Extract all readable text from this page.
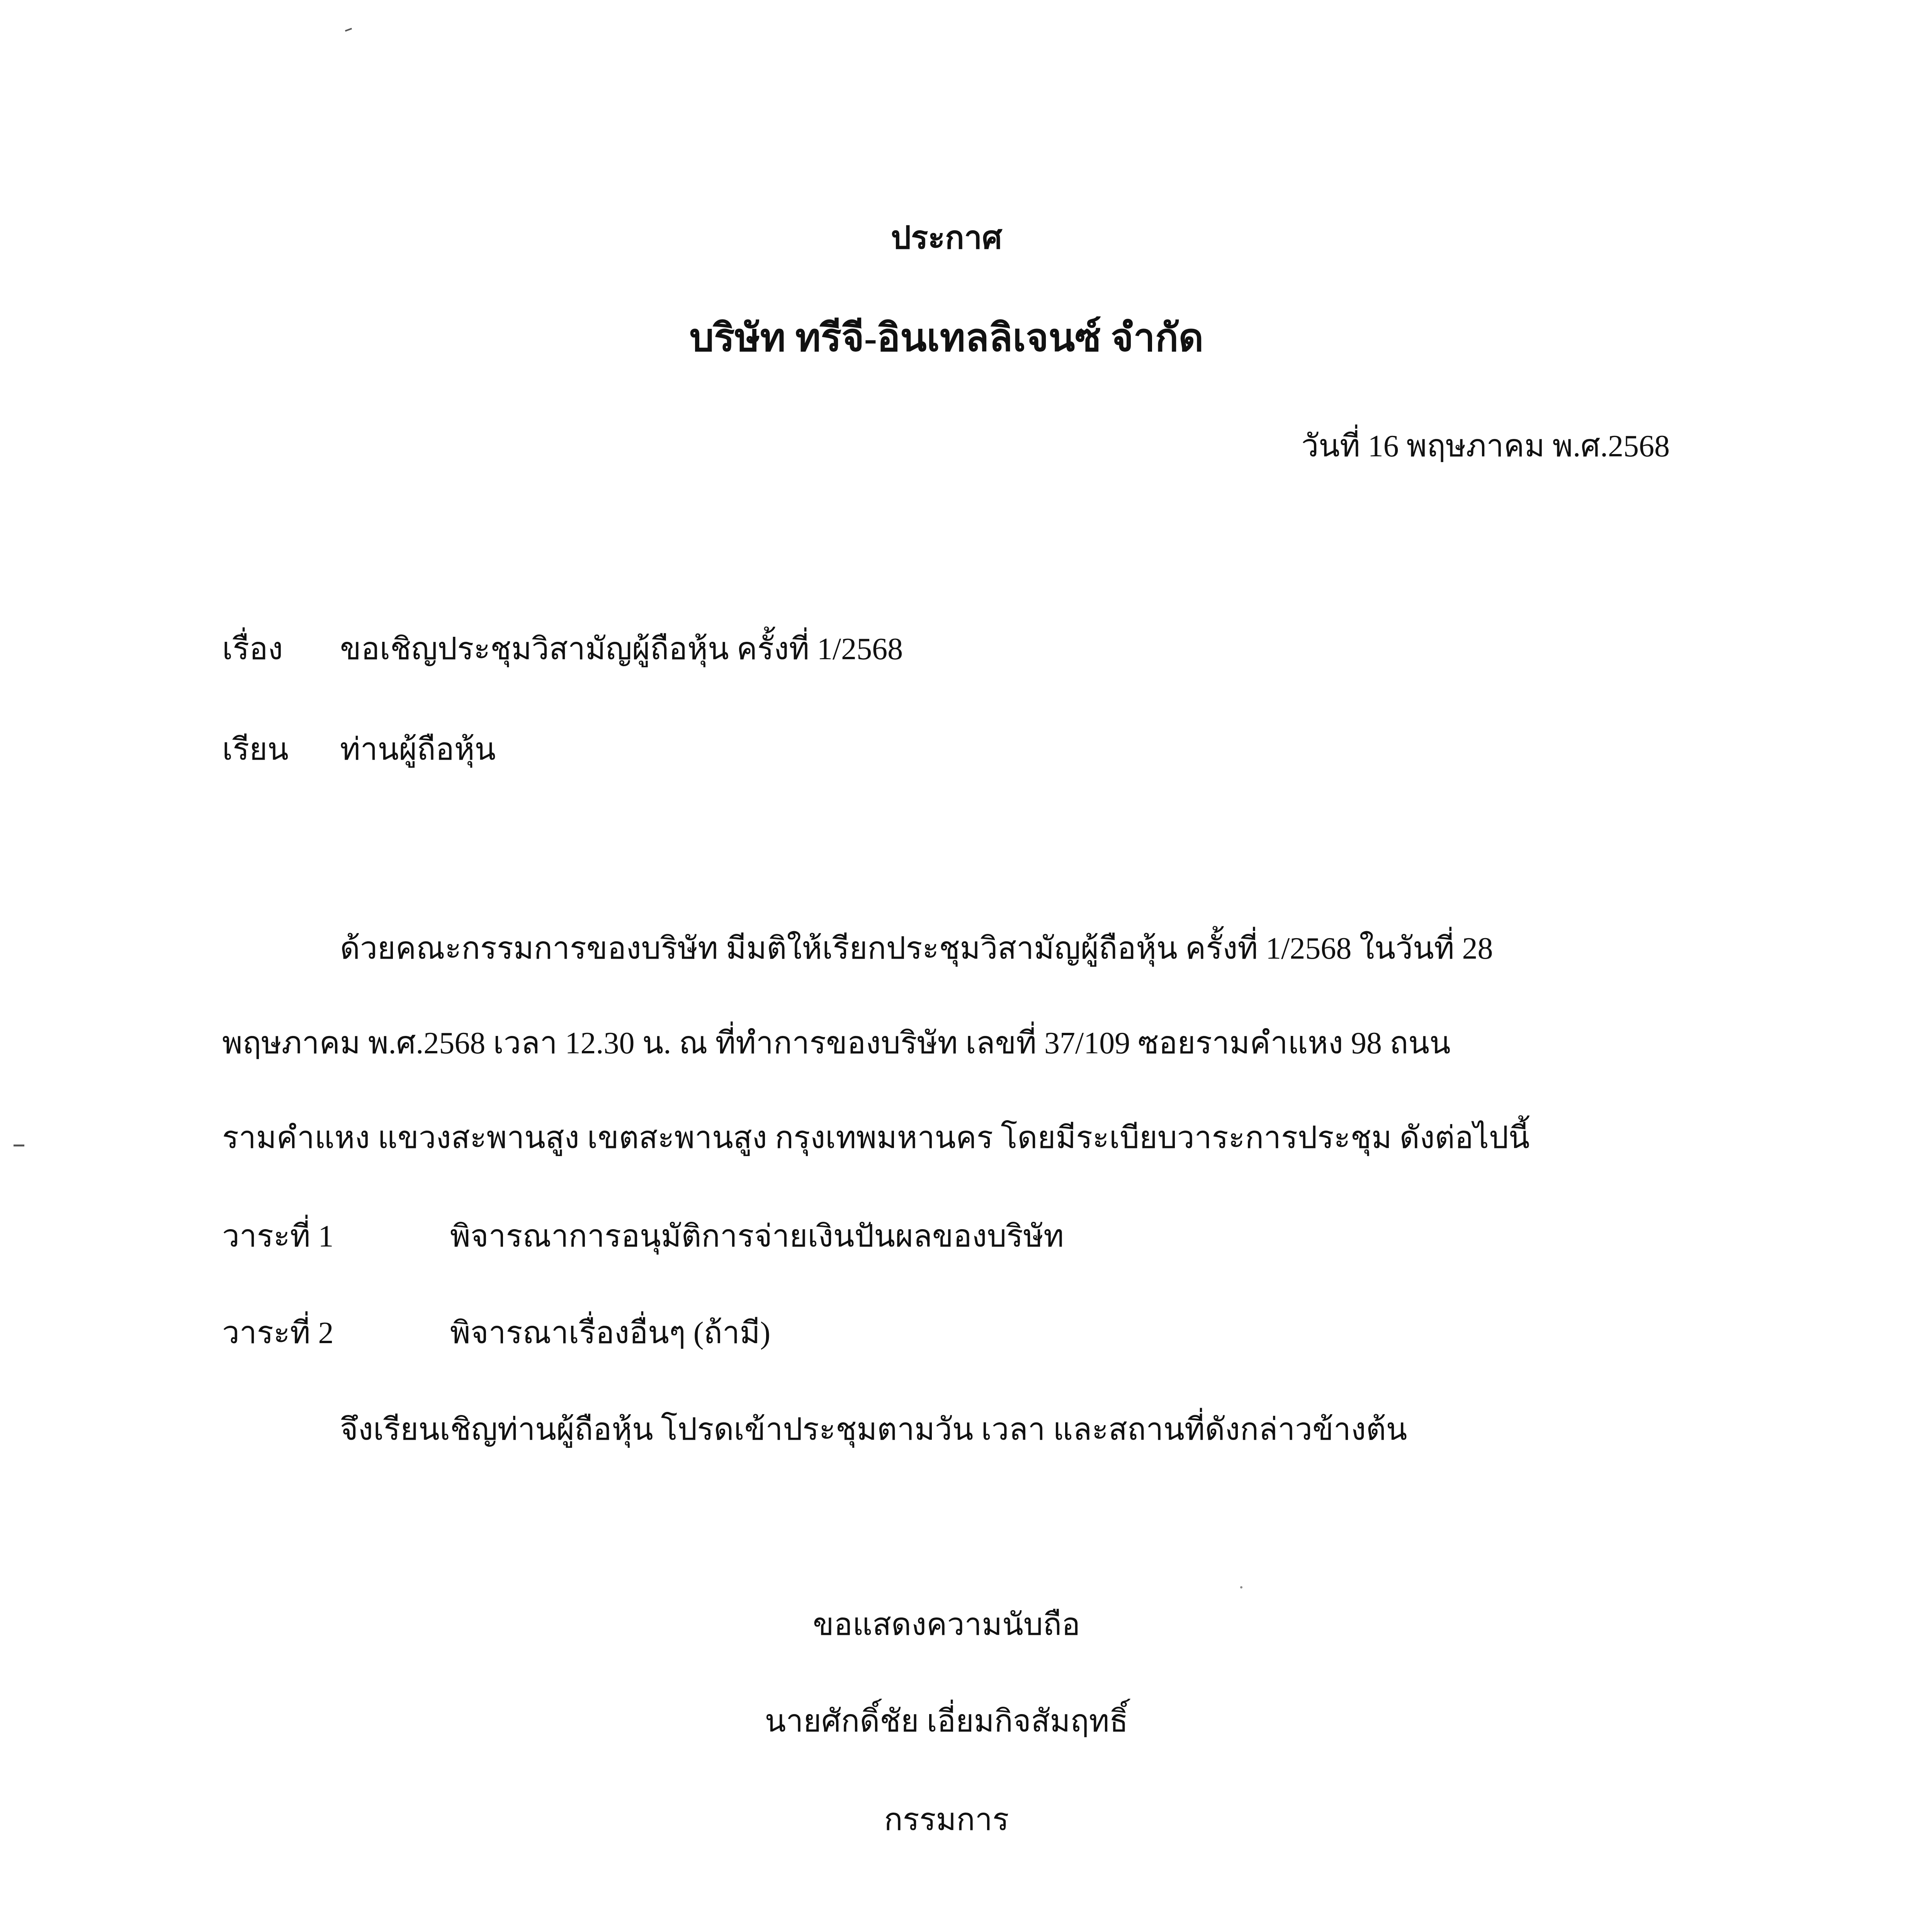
ประกาศ
บริษัท ทรีจี-อินเทลลิเจนซ์ จำกัด
วันที่ 16 พฤษภาคม พ.ศ.2568
เรื่อง ขอเชิญประชุมวิสามัญผู้ถือหุ้น ครั้งที่ 1/2568
เรียน ท่านผู้ถือหุ้น
ด้วยคณะกรรมการของบริษัท มีมติให้เรียกประชุมวิสามัญผู้ถือหุ้น ครั้งที่ 1/2568 ในวันที่ 28
พฤษภาคม พ.ศ.2568 เวลา 12.30 น. ณ ที่ทำการของบริษัท เลขที่ 37/109 ซอยรามคำแหง 98 ถนน
รามคำแหง แขวงสะพานสูง เขตสะพานสูง กรุงเทพมหานคร โดยมีระเบียบวาระการประชุม ดังต่อไปนี้
วาระที่ 1	พิจารณาการอนุมัติการจ่ายเงินปันผลของบริษัท
วาระที่ 2	พิจารณาเรื่องอื่นๆ (ถ้ามี)
จึงเรียนเชิญท่านผู้ถือหุ้น โปรดเข้าประชุมตามวัน เวลา และสถานที่ดังกล่าวข้างต้น
ขอแสดงความนับถือ
นายศักดิ์ชัย เอี่ยมกิจสัมฤทธิ์
กรรมการ
